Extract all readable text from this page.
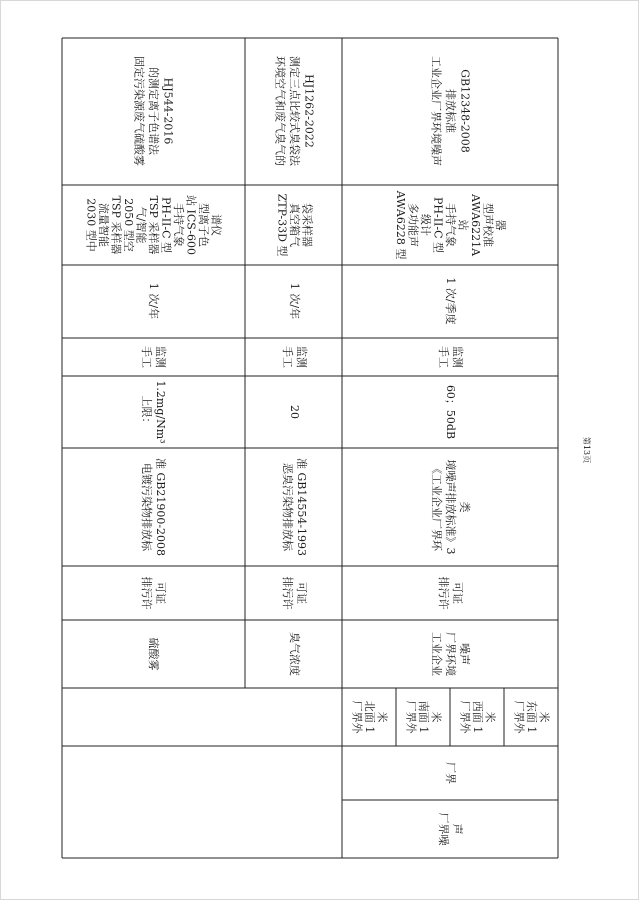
固定污染源废气硫酸雾 的测定离子色谱法 HJ544-2016
2030 型中 流量智能 TSP 采样器 2050 型空 气/智能 TSP 采样器 PH-II-C 型 手持气象 站 ICS-600 型离子色 谱仪
1 次/年
手工 监测
上限： 1.2mg/Nm³
电镀污染物排放标 准 GB21900-2008
排污许 可证
硫酸雾
环境空气和废气臭气的 测定三点比较式臭袋法 HJ1262-2022
ZTP-33D 型 真空箱气 袋采样器
1 次/年
手工 监测
20
恶臭污染物排放标 准 GB14554-1993
排污许 可证
臭气浓度
工业企业厂界环境噪声 排放标准 GB12348-2008
AWA6228 型 多功能声 级计 PH-II-C 型 手持气象 站 AWA6221A 型声校准 器
1 次/季度
手工 监测
60；50dB
《工业企业厂界环 境噪声排放标准》3 类
排污许 可证
工业企业 厂界环境 噪声
厂界噪 声
厂界
厂界外 北面 1 米 厂界外 南面 1 米 厂界外 西面 1 米 厂界外 东面 1 米
第13页
